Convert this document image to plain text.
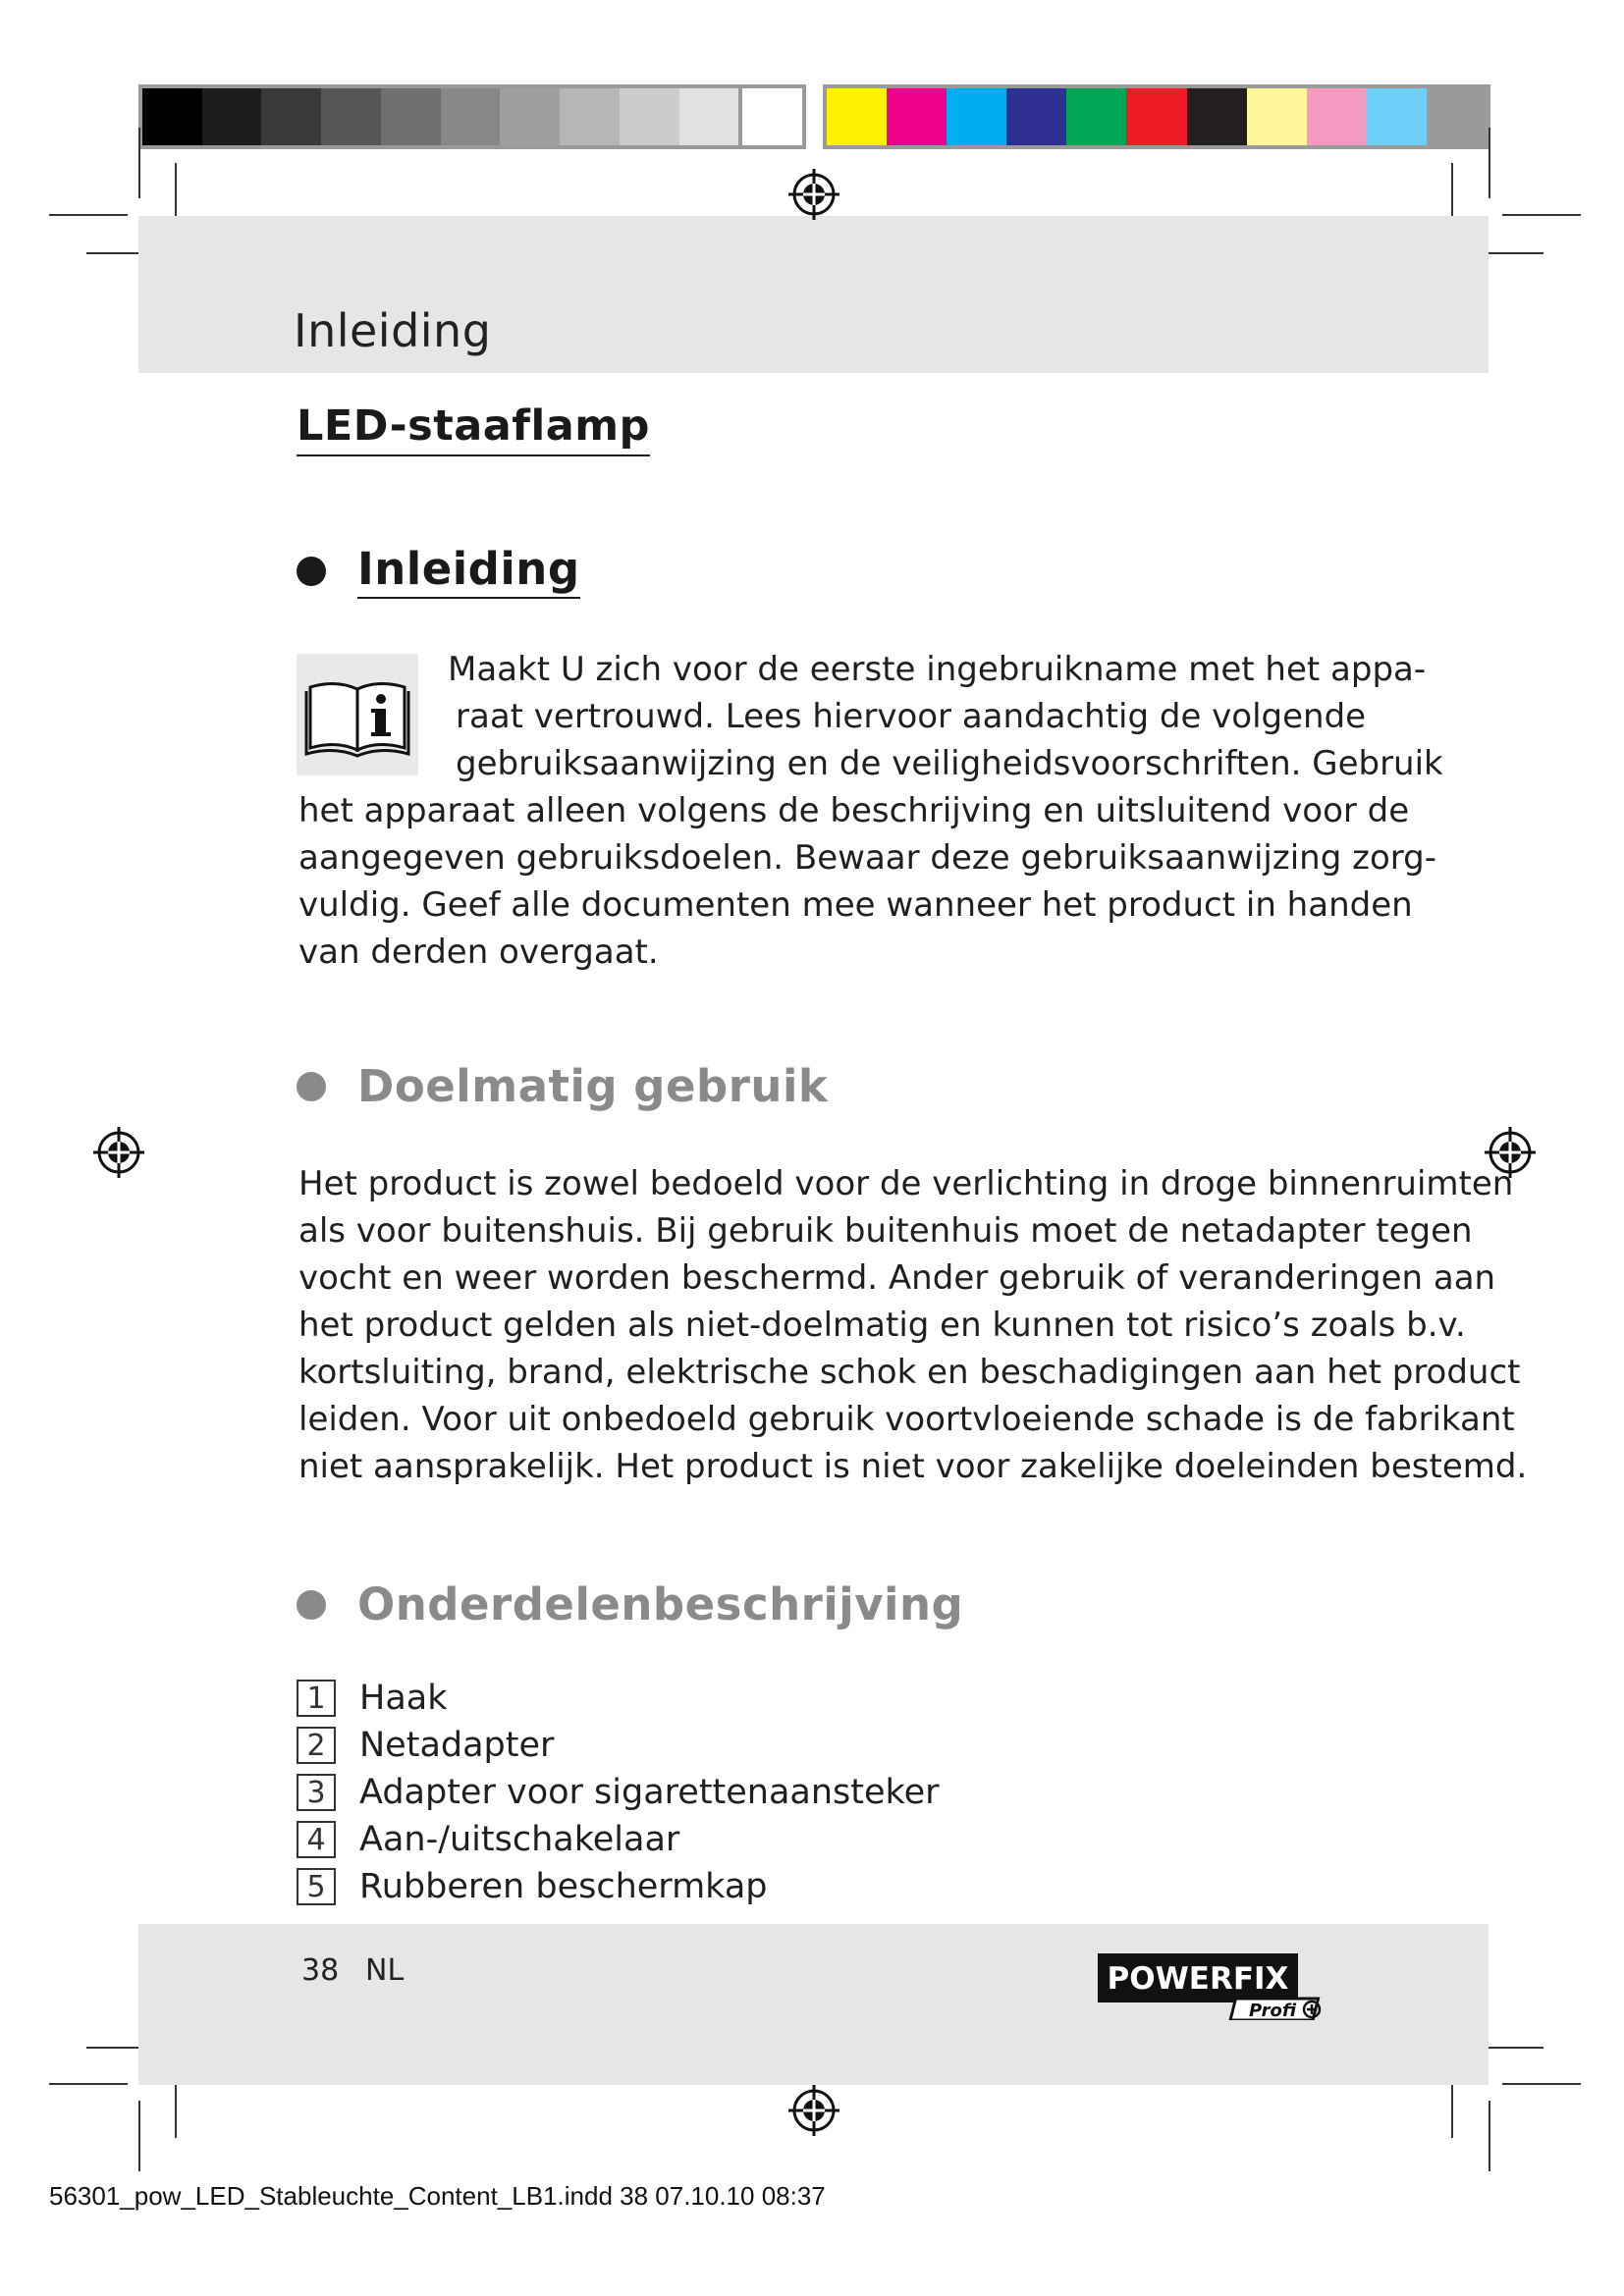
Inleiding
LED-staaflamp
Inleiding
Maakt U zich voor de eerste ingebruikname met het appa-
raat vertrouwd. Lees hiervoor aandachtig de volgende
gebruiksaanwijzing en de veiligheidsvoorschriften. Gebruik
het apparaat alleen volgens de beschrijving en uitsluitend voor de
aangegeven gebruiksdoelen. Bewaar deze gebruiksaanwijzing zorg-
vuldig. Geef alle documenten mee wanneer het product in handen
van derden overgaat.
Doelmatig gebruik
Het product is zowel bedoeld voor de verlichting in droge binnenruimten
als voor buitenshuis. Bij gebruik buitenhuis moet de netadapter tegen
vocht en weer worden beschermd. Ander gebruik of veranderingen aan
het product gelden als niet-doelmatig en kunnen tot risico’s zoals b.v.
kortsluiting, brand, elektrische schok en beschadigingen aan het product
leiden. Voor uit onbedoeld gebruik voortvloeiende schade is de fabrikant
niet aansprakelijk. Het product is niet voor zakelijke doeleinden bestemd.
Onderdelenbeschrijving
1 Haak
2 Netadapter
3 Adapter voor sigarettenaansteker
4 Aan-/uitschakelaar
5 Rubberen beschermkap
38 NL	POWERFIX
Profi
56301_pow_LED_Stableuchte_Content_LB1.indd 38 07.10.10 08:37
